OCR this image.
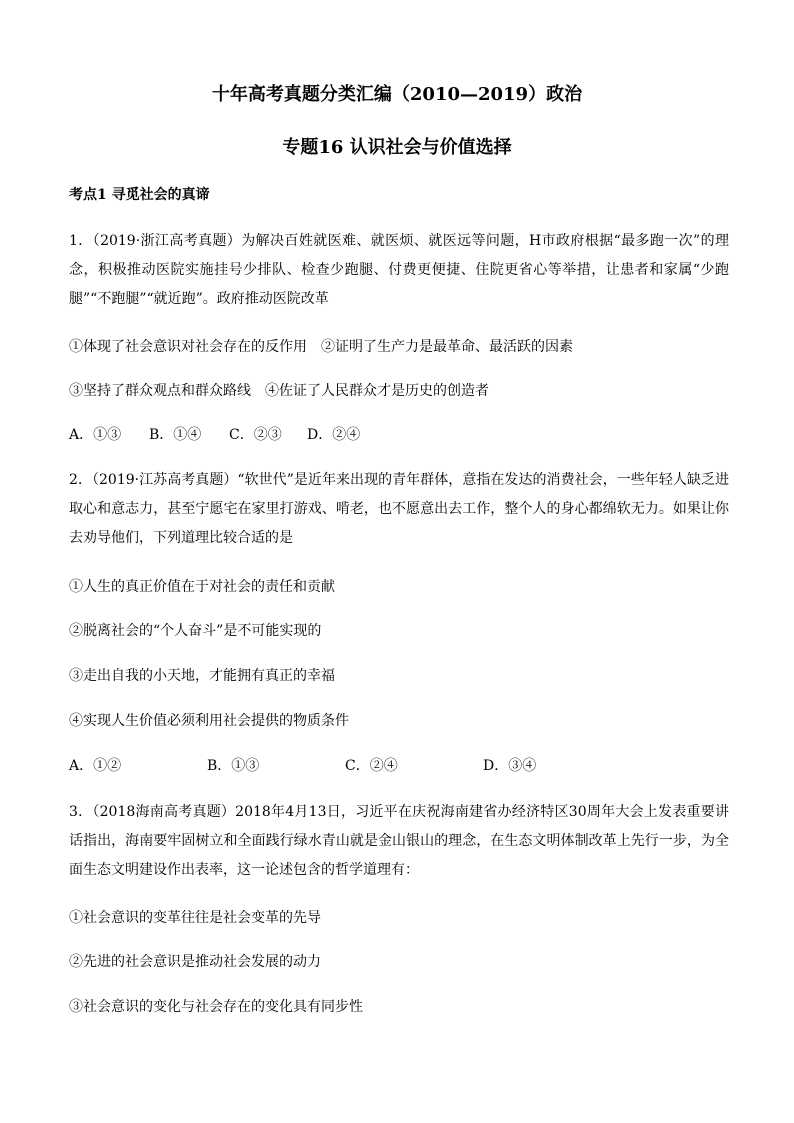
十年高考真题分类汇编（2010—2019）政治
专题16 认识社会与价值选择
考点1 寻觅社会的真谛
1．（2019·浙江高考真题）为解决百姓就医难、就医烦、就医远等问题，H市政府根据“最多跑一次”的理念，积极推动医院实施挂号少排队、检查少跑腿、付费更便捷、住院更省心等举措，让患者和家属“少跑腿”“不跑腿”“就近跑”。政府推动医院改革
①体现了社会意识对社会存在的反作用　②证明了生产力是最革命、最活跃的因素
③坚持了群众观点和群众路线　④佐证了人民群众才是历史的创造者
A．①③ B．①④ C．②③ D．②④
2．（2019·江苏高考真题）“软世代”是近年来出现的青年群体，意指在发达的消费社会，一些年轻人缺乏进取心和意志力，甚至宁愿宅在家里打游戏、啃老，也不愿意出去工作，整个人的身心都绵软无力。如果让你去劝导他们，下列道理比较合适的是
①人生的真正价值在于对社会的责任和贡献
②脱离社会的“个人奋斗”是不可能实现的
③走出自我的小天地，才能拥有真正的幸福
④实现人生价值必须利用社会提供的物质条件
A．①②	B．①③	C．②④	D．③④
3．（2018海南高考真题）2018年4月13日，习近平在庆祝海南建省办经济特区30周年大会上发表重要讲话指出，海南要牢固树立和全面践行绿水青山就是金山银山的理念，在生态文明体制改革上先行一步，为全面生态文明建设作出表率，这一论述包含的哲学道理有：
①社会意识的变革往往是社会变革的先导
②先进的社会意识是推动社会发展的动力
③社会意识的变化与社会存在的变化具有同步性
